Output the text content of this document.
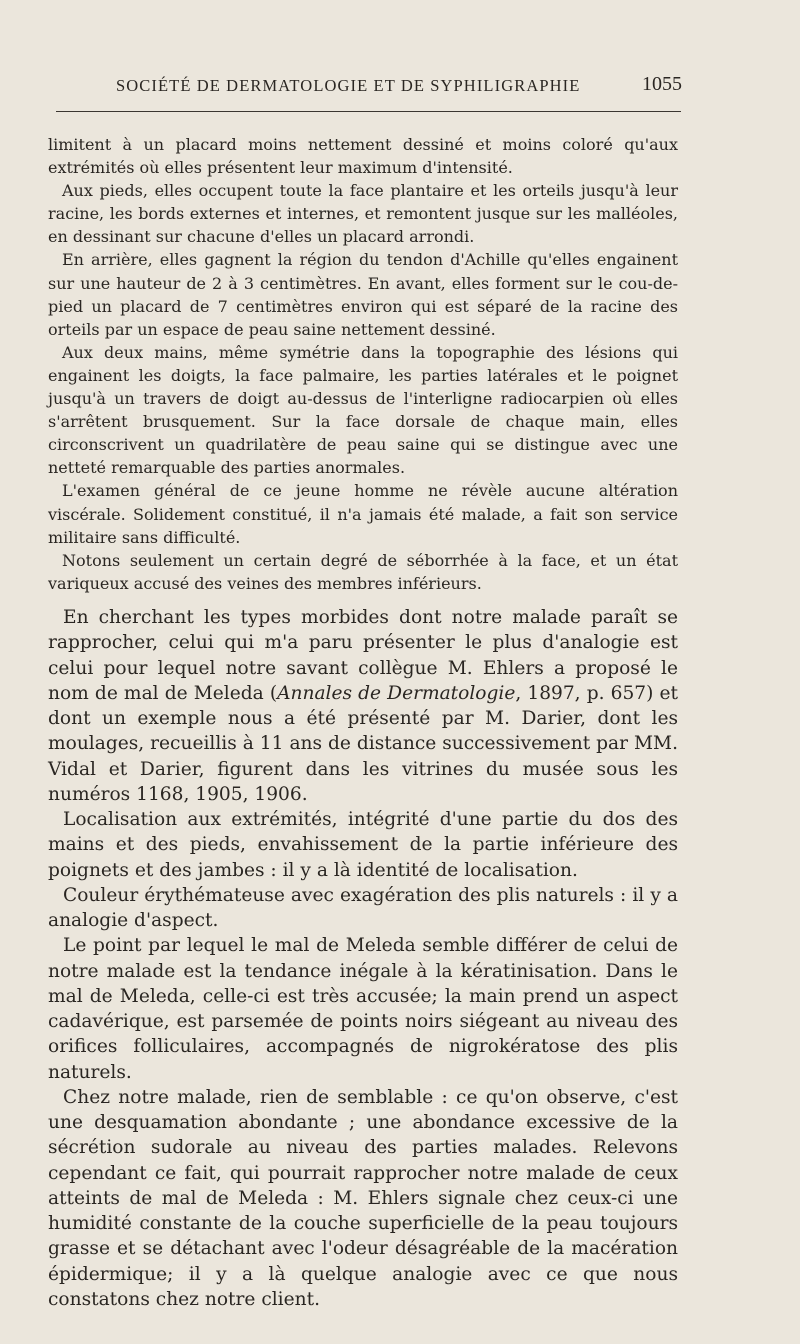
SOCIÉTÉ DE DERMATOLOGIE ET DE SYPHILIGRAPHIE	1055

limitent à un placard moins nettement dessiné et moins coloré qu'aux extrémités où elles présentent leur maximum d'intensité.

Aux pieds, elles occupent toute la face plantaire et les orteils jusqu'à leur racine, les bords externes et internes, et remontent jusque sur les malléoles, en dessinant sur chacune d'elles un placard arrondi.

En arrière, elles gagnent la région du tendon d'Achille qu'elles engainent sur une hauteur de 2 à 3 centimètres. En avant, elles forment sur le cou-de-pied un placard de 7 centimètres environ qui est séparé de la racine des orteils par un espace de peau saine nettement dessiné.

Aux deux mains, même symétrie dans la topographie des lésions qui engainent les doigts, la face palmaire, les parties latérales et le poignet jusqu'à un travers de doigt au-dessus de l'interligne radiocarpien où elles s'arrêtent brusquement. Sur la face dorsale de chaque main, elles circonscrivent un quadrilatère de peau saine qui se distingue avec une netteté remarquable des parties anormales.

L'examen général de ce jeune homme ne révèle aucune altération viscérale. Solidement constitué, il n'a jamais été malade, a fait son service militaire sans difficulté.

Notons seulement un certain degré de séborrhée à la face, et un état variqueux accusé des veines des membres inférieurs.

En cherchant les types morbides dont notre malade paraît se rapprocher, celui qui m'a paru présenter le plus d'analogie est celui pour lequel notre savant collègue M. Ehlers a proposé le nom de mal de Meleda (Annales de Dermatologie, 1897, p. 657) et dont un exemple nous a été présenté par M. Darier, dont les moulages, recueillis à 11 ans de distance successivement par MM. Vidal et Darier, figurent dans les vitrines du musée sous les numéros 1168, 1905, 1906.

Localisation aux extrémités, intégrité d'une partie du dos des mains et des pieds, envahissement de la partie inférieure des poignets et des jambes : il y a là identité de localisation.

Couleur érythémateuse avec exagération des plis naturels : il y a analogie d'aspect.

Le point par lequel le mal de Meleda semble différer de celui de notre malade est la tendance inégale à la kératinisation. Dans le mal de Meleda, celle-ci est très accusée; la main prend un aspect cadavérique, est parsemée de points noirs siégeant au niveau des orifices folliculaires, accompagnés de nigrokératose des plis naturels.

Chez notre malade, rien de semblable : ce qu'on observe, c'est une desquamation abondante ; une abondance excessive de la sécrétion sudorale au niveau des parties malades. Relevons cependant ce fait, qui pourrait rapprocher notre malade de ceux atteints de mal de Meleda : M. Ehlers signale chez ceux-ci une humidité constante de la couche superficielle de la peau toujours grasse et se détachant avec l'odeur désagréable de la macération épidermique; il y a là quelque analogie avec ce que nous constatons chez notre client.
